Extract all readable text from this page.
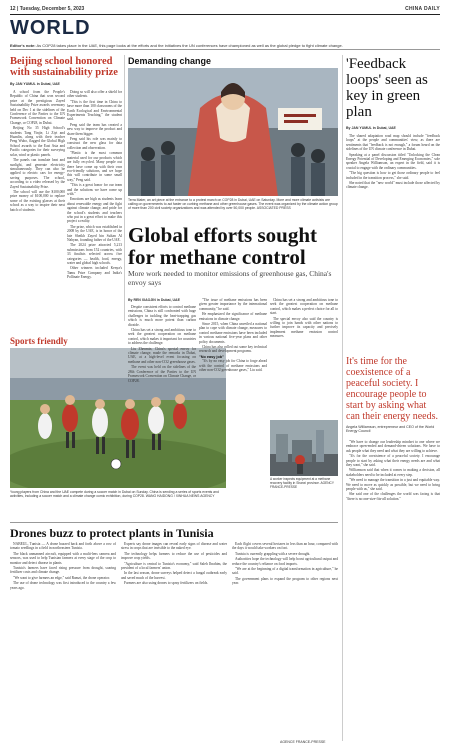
12 | Tuesday, December 5, 2023	CHINA DAILY
WORLD
Editor's note: As COP28 takes place in the UAE, this page looks at the efforts and the initiatives the UN conferences have championed as well as the global pledge to fight climate change.
Beijing school honored with sustainability prize
By JAN YUMUL in Dubai, UAE

A school from the People's Republic of China that won second prize at the prestigious Zayed Sustainability Prize awards ceremony held on Dec 1 at the sidelines of the Conference of the Parties to the UN Framework Convention on Climate Change, or COP28, in Dubai.

Beijing No 35 High School's students Tang Yinjie, Li Ziyi and Huanlin, along with their teacher Peng Wubo, flagged the Global High School awards to the East Asia and Pacific categories for their surveying solar, wind or plastic panels.

The panels can translate heat and sunlight, and generate electricity simultaneously. They can also be applied to electric cars for energy-saving purposes. The school, according to a video released by the Zayed Sustainability Prize.

The school will use the $100,000 prize money of $100,000 to replace some of the existing glasses at their school as a way to inspire their next batch of students.

Doing so will also offer a shield for other students.

"This is the first time in China to have more than 100 classrooms of the Earth Ecological and Environmental Experiments Teaching," the student said.

Peng said the team has created a new way to improve the product and share them bigger.

Feng said his role was mainly to construct the new glass for data collection and observation.

"Plastic is the most common material used for our products which are fully recycled. Many people out there have come up with their own eco-friendly solutions, and we hope this will contribute in some small way," Peng said.

"This is a great honor for our team and the solutions we have come up with."

Emotions are high as students learn about renewable energy and the fight against climate change, and pride for the school's students and teachers who put in a great effort to make this project a reality.

The prize, which was established in 2008 by the UAE, is in honor of the late Sheikh Zayed bin Sultan Al Nahyan, founding father of the UAE.

The 2024 prize attracted 5,213 submissions from 152 countries, with 33 finalists selected across five categories — health, food, energy, water and global high schools.

Other winners included Kenya's Tamu Prize Company and India's Pollinate Energy.

Sports friendly
Young players from China and the UAE compete during a soccer match in Dubai on Sunday. China is sending a series of sports events and activities, including a soccer match and a climate change comic exhibition, during COP28. WANG HAIDONG / XINHUA NEWS AGENCY
Demanding change
Terra Mater, an art piece at the entrance to a protest march on COP28 in Dubai, UAE on Saturday. More and more climate activists are calling on governments to act faster on curbing methane and other greenhouse gases. The event was organized by the climate action group of more than 200 civil society organizations and was attended by over 50,000 people. ASSOCIATED PRESS
Global efforts sought for methane control
More work needed to monitor emissions of greenhouse gas, China's envoy says
By REN XIAOJIN in Dubai, UAE

Despite consistent efforts to control methane emissions, China is still confronted with huge challenges in tackling the heat-trapping gas which is much more potent than carbon dioxide.

China has set a strong and ambitious tone to seek the greatest cooperation on methane control, which makes it important for countries to address the challenge.

Liu Zhenmin, China's special envoy for climate change, made the remarks in Dubai, UAE, at a high-level event focusing on methane and other non-CO2 greenhouse gases.

The event was held on the sidelines of the 28th Conference of the Parties to the UN Framework Convention on Climate Change, or COP28.

"The issue of methane emissions has been given greater importance by the international community," he said.

He emphasized the significance of methane emissions in climate change.

Since 2015, when China unveiled a national plan to cope with climate change, measures to control methane emissions have been included in various national five-year plans and other policy documents.

China has also rolled out some key technical research and development programs.

"No easy job"

"It's by no easy job for China to forge ahead with the control of methane emissions and other non-CO2 greenhouse gases," Liu said.

China has set a strong and ambitious tone to seek the greatest cooperation on methane control, which makes a perfect choice for all to start.

The special envoy also said the country is willing to join hands with other nations to further improve its capacity and precisely implement methane emission control measures.

A worker inspects equipment at a methane recovery facility in Shanxi province. AGENCY FRANCE-PRESSE
'Feedback loops' seen as key in green plan
By JAN YUMUL in Dubai, UAE

The shared adaptation road map should include "feedback loops" at the people and communities' view, as there are sentiments that "feedback is not enough," a forum heard on the sidelines of the UN climate conference in Dubai.

Speaking at a panel discussion titled "Unlocking the Clean Energy Potential of Developing and Emerging Economies," sole speaker Angela Williamson, an expert in the field, said it is crucial to engage with the ordinary communities.

"The big question is how to get those ordinary people to feel included in the transition process," she said.

She noted that the "new world" must include those affected by climate change.

It's time for the coexistence of a peaceful society. I encourage people to start by asking what can their energy needs.
Angela Williamson, entrepreneur and CEO of the World Energy Council

"We have to change our leadership mindset to one where we embrace open-ended and demand-driven solutions. We have to ask people what they need and what they are willing to achieve.

"It's for the coexistence of a peaceful society. I encourage people to start by asking what their energy needs are and what they want," she said.

Williamson said that when it comes to making a decision, all stakeholders need to be included at every step.

"We need to manage the transition in a just and equitable way. We need to move as quickly as possible, but we need to bring people with us," she said.

She said one of the challenges the world was facing is that "there is no one-size-fits-all solution."

Drones buzz to protect plants in Tunisia

NABEUL, Tunisia — A drone buzzed back and forth above a row of tomato seedlings in a field in northeastern Tunisia.

The black unmanned aircraft, equipped with a multi-lens camera and sensors, was used to help Tunisian farmers at every stage of the crop to monitor and detect disease in plants.

Tunisia's farmers have faced rising pressure from drought, soaring fertilizer costs and climate change.

"We want to give farmers an edge," said Ramzi, the drone operator.

The use of drone technology was first introduced to the country a few years ago.

Experts say drone images can reveal early signs of disease and water stress in crops that are invisible to the naked eye.

The technology helps farmers to reduce the use of pesticides and improve crop yields.

"Agriculture is central to Tunisia's economy," said Saleh Ibrahim, the president of a local farmers' union.

In the last season, drone surveys helped detect a fungal outbreak early and saved much of the harvest.

Farmers are also using drones to spray fertilizers on fields.

Each flight covers several hectares in less than an hour, compared with the days it would take workers on foot.

Tunisia is currently grappling with a severe drought.

Authorities hope the technology will help boost agricultural output and reduce the country's reliance on food imports.

"We are at the beginning of a digital transformation in agriculture," he said.

The government plans to expand the program to other regions next year.

AGENCE FRANCE-PRESSE
